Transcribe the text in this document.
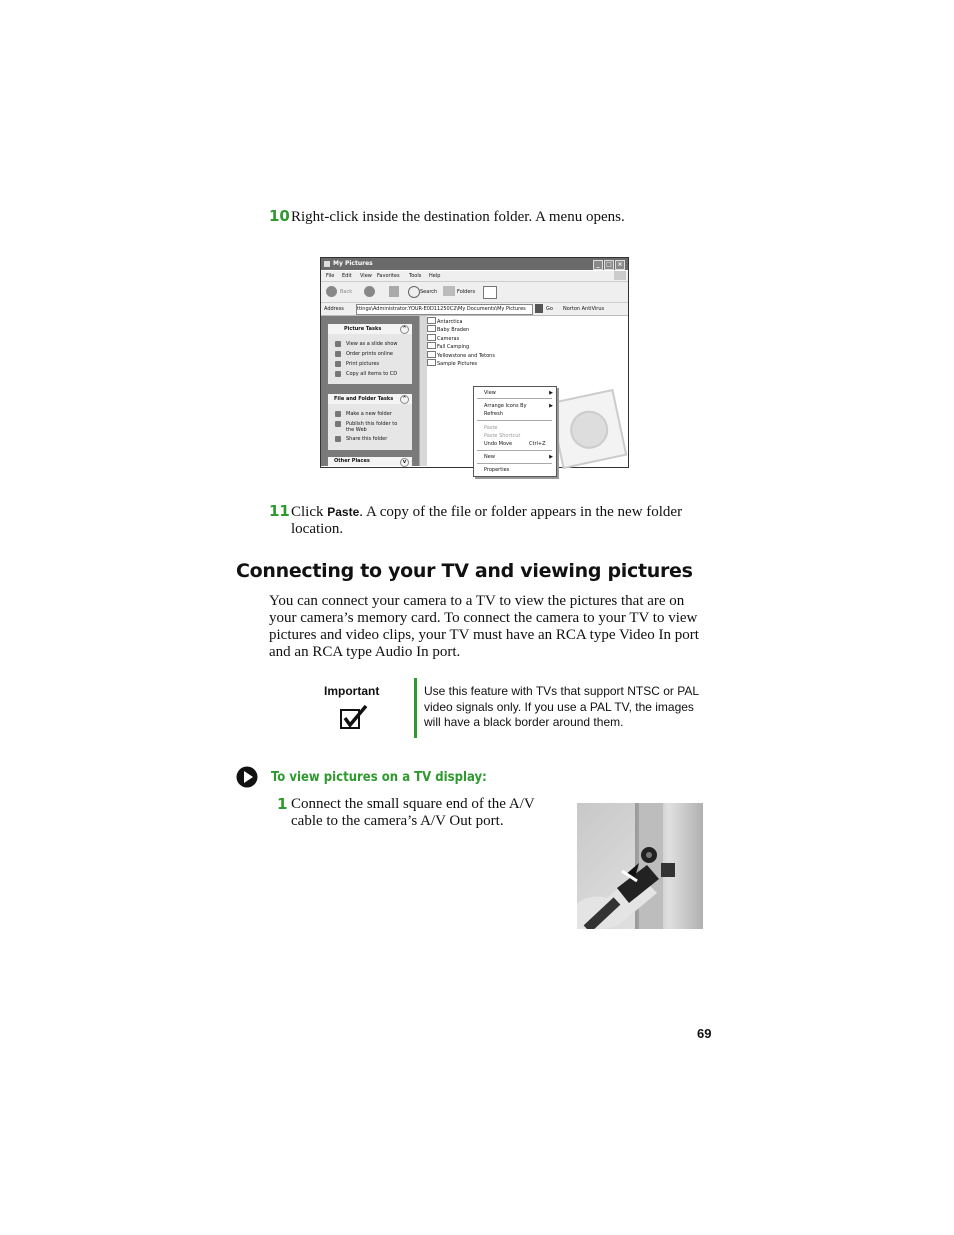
10 Right-click inside the destination folder. A menu opens.
My Pictures	_	□ ×
File Edit View Favorites Tools Help
Back	Search	Folders
Address	ttings\Administrator.YOUR-E0D11250C2\My Documents\My Pictures	Go Norton AntiVirus
Picture Tasks	^
View as a slide show
Order prints online
Print pictures
Copy all items to CD
File and Folder Tasks	^
Make a new folder
Publish this folder to the Web
Share this folder
Other Places	v
Antarctica
Baby Braden
Cameras
Fall Camping
Yellowstone and Tetons
Sample Pictures
View	▶
Arrange Icons By	▶
Refresh
Paste
Paste Shortcut
Undo Move	Ctrl+Z
New	▶
Properties
11 Click Paste. A copy of the file or folder appears in the new folder location.
Connecting to your TV and viewing pictures
You can connect your camera to a TV to view the pictures that are on your camera’s memory card. To connect the camera to your TV to view pictures and video clips, your TV must have an RCA type Video In port and an RCA type Audio In port.
Important	Use this feature with TVs that support NTSC or PAL video signals only. If you use a PAL TV, the images will have a black border around them.
To view pictures on a TV display:
1 Connect the small square end of the A/V cable to the camera’s A/V Out port.
69
